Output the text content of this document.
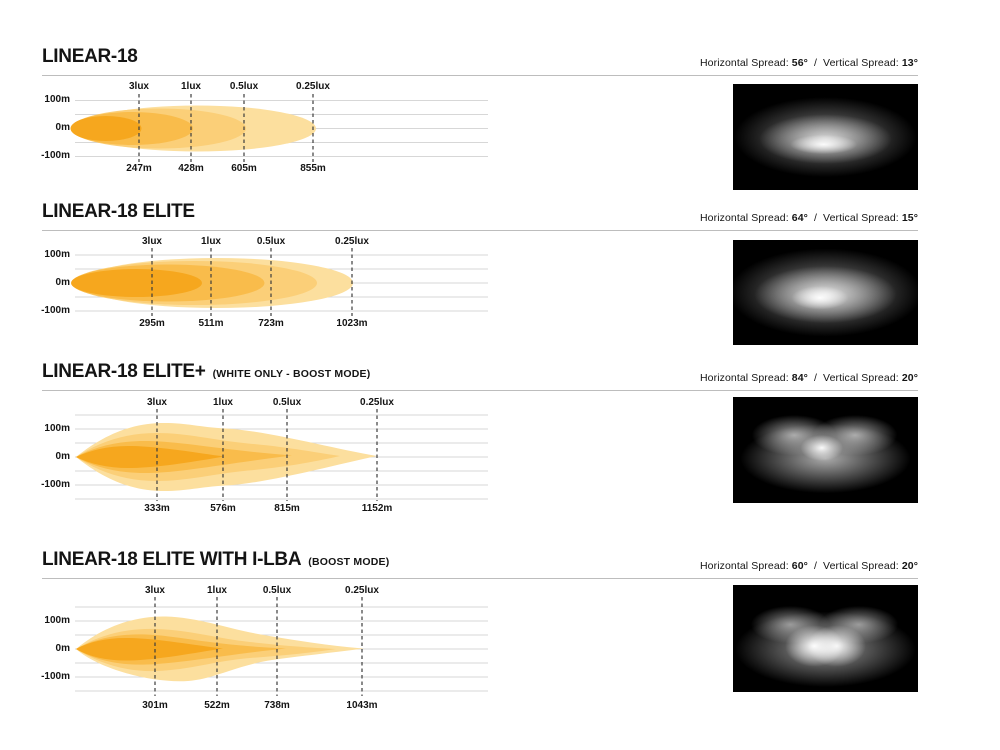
LINEAR-18	Horizontal Spread: 56° / Vertical Spread: 13°
100m
0m
-100m
3lux	1lux	0.5lux	0.25lux
247m	428m	605m	855m
LINEAR-18 ELITE	Horizontal Spread: 64° / Vertical Spread: 15°
100m
0m
-100m
3lux	1lux	0.5lux	0.25lux
295m	511m	723m	1023m
LINEAR-18 ELITE+ (WHITE ONLY - BOOST MODE)	Horizontal Spread: 84° / Vertical Spread: 20°
100m
0m
-100m
3lux	1lux	0.5lux	0.25lux
333m	576m	815m	1152m
LINEAR-18 ELITE WITH I-LBA (BOOST MODE)	Horizontal Spread: 60° / Vertical Spread: 20°
100m
0m
-100m
3lux	1lux	0.5lux	0.25lux
301m	522m	738m	1043m
